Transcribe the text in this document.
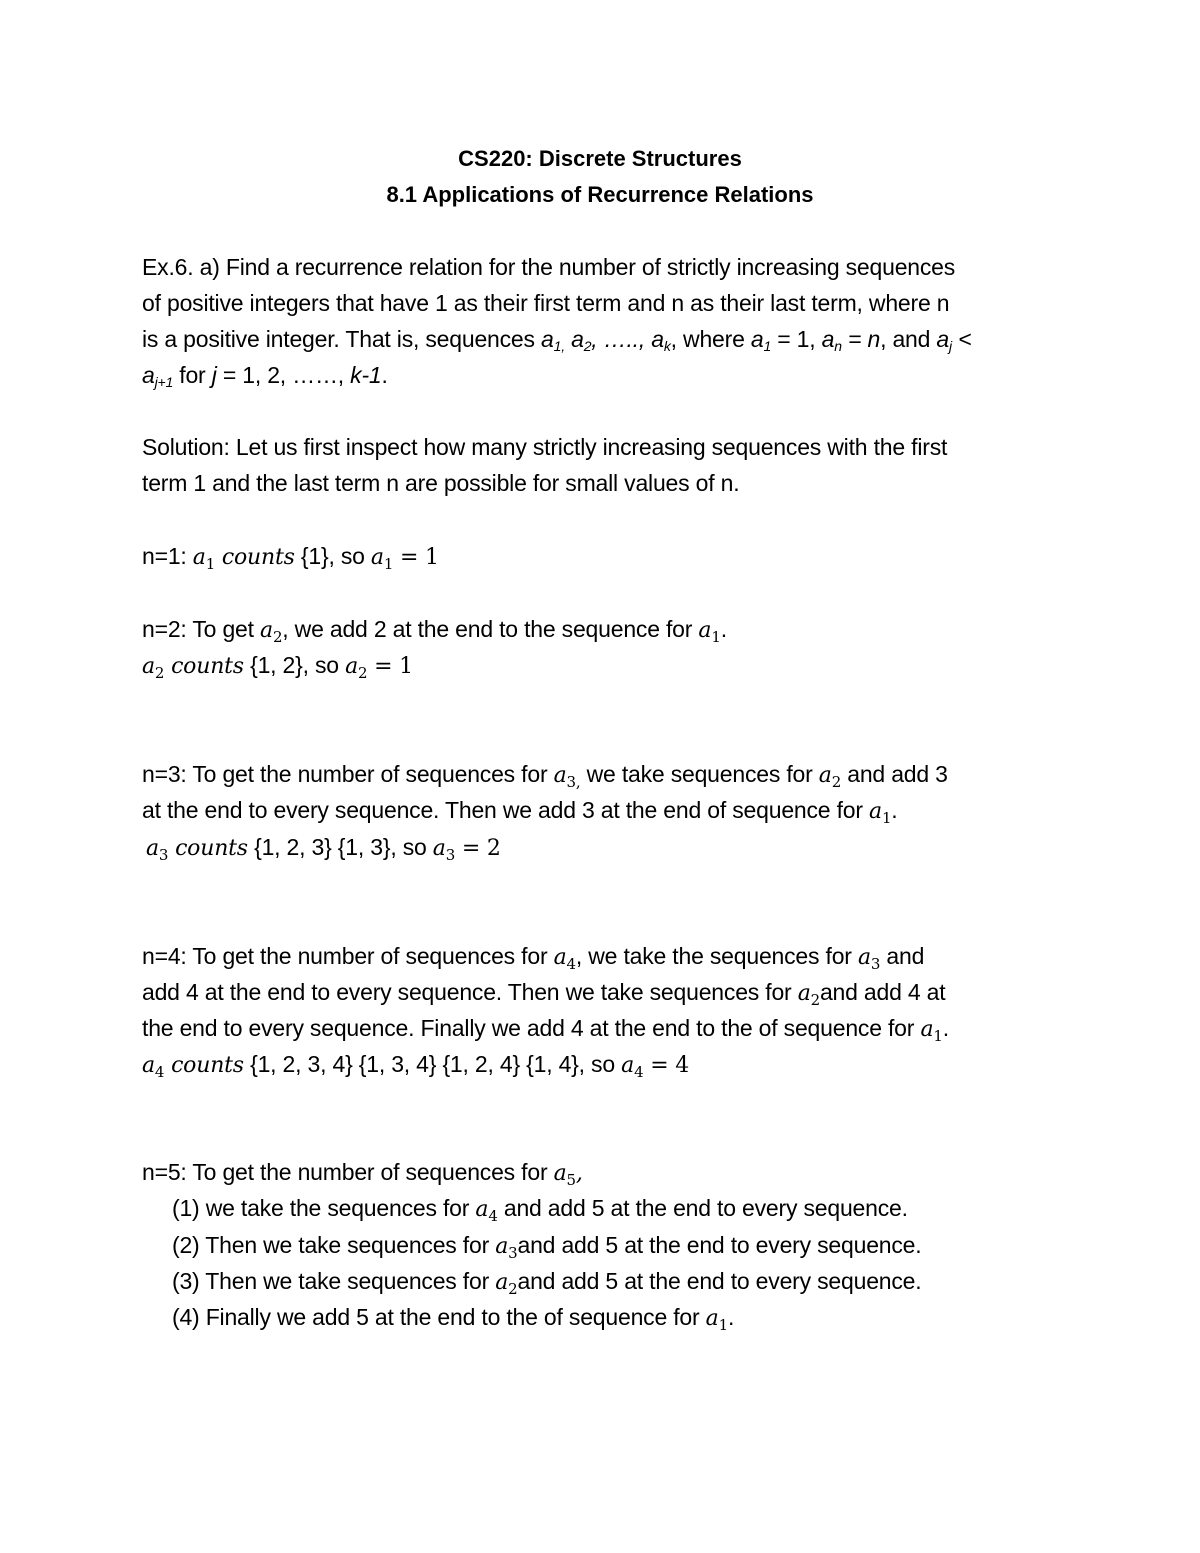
CS220: Discrete Structures
8.1 Applications of Recurrence Relations
Ex.6. a) Find a recurrence relation for the number of strictly increasing sequences
of positive integers that have 1 as their first term and n as their last term, where n
is a positive integer. That is, sequences a1, a2, ….., ak, where a1 = 1, an = n, and aj <
aj+1 for j = 1, 2, ……, k-1.
Solution: Let us first inspect how many strictly increasing sequences with the first
term 1 and the last term n are possible for small values of n.
n=1: $a_1$ counts {1}, so $a_1 = 1$
n=2: To get $a_2$, we add 2 at the end to the sequence for $a_1$.
$a_2$ counts {1, 2}, so $a_2 = 1$
n=3: To get the number of sequences for $a_{3,}$ we take sequences for $a_2$ and add 3
at the end to every sequence. Then we add 3 at the end of sequence for $a_1$.
$a_3$ counts {1, 2, 3} {1, 3}, so $a_3 = 2$
n=4: To get the number of sequences for $a_4$, we take the sequences for $a_3$ and
add 4 at the end to every sequence. Then we take sequences for $a_2and$ add 4 at
the end to every sequence. Finally we add 4 at the end to the of sequence for $a_1$.
$a_4$ counts {1, 2, 3, 4} {1, 3, 4} {1, 2, 4} {1, 4}, so $a_4 = 4$
n=5: To get the number of sequences for $a_5$,
(1) we take the sequences for $a_4$ and add 5 at the end to every sequence.
(2) Then we take sequences for $a_3and$ add 5 at the end to every sequence.
(3) Then we take sequences for $a_2and$ add 5 at the end to every sequence.
(4) Finally we add 5 at the end to the of sequence for $a_1$.
